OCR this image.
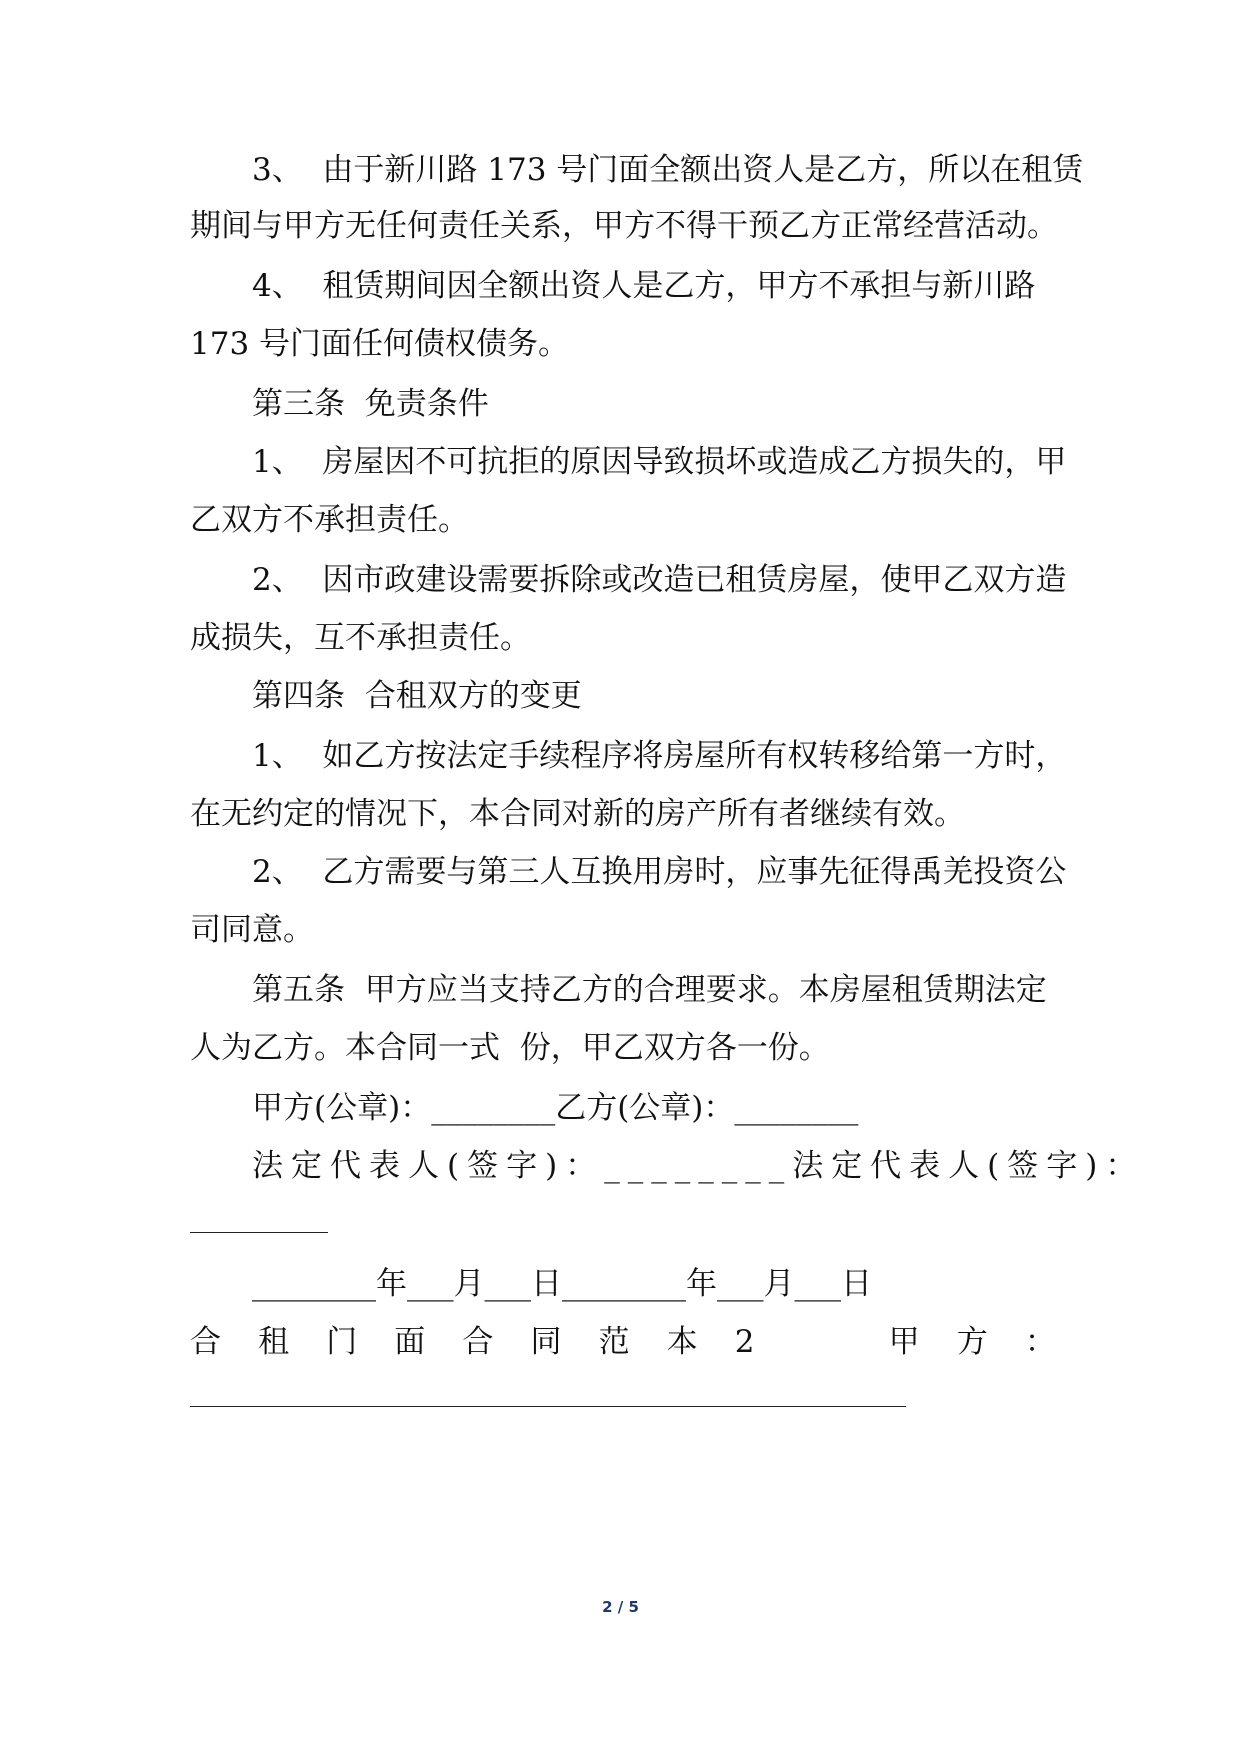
3、  由于新川路 173 号门面全额出资人是乙方，所以在租赁
期间与甲方无任何责任关系，甲方不得干预乙方正常经营活动。
4、  租赁期间因全额出资人是乙方，甲方不承担与新川路
173 号门面任何债权债务。
第三条  免责条件
1、  房屋因不可抗拒的原因导致损坏或造成乙方损失的，甲
乙双方不承担责任。
2、  因市政建设需要拆除或改造已租赁房屋，使甲乙双方造
成损失，互不承担责任。
第四条  合租双方的变更
1、  如乙方按法定手续程序将房屋所有权转移给第一方时，
在无约定的情况下，本合同对新的房产所有者继续有效。
2、  乙方需要与第三人互换用房时，应事先征得禹羌投资公
司同意。
第五条  甲方应当支持乙方的合理要求。本房屋租赁期法定
人为乙方。本合同一式  份，甲乙双方各一份。
甲方(公章)：________乙方(公章)：________
法定代表人(签字)：________法定代表人(签字)：
________年___月___日________年___月___日
合 租 门 面 合 同 范 本 2	甲 方 ：
2 / 5
